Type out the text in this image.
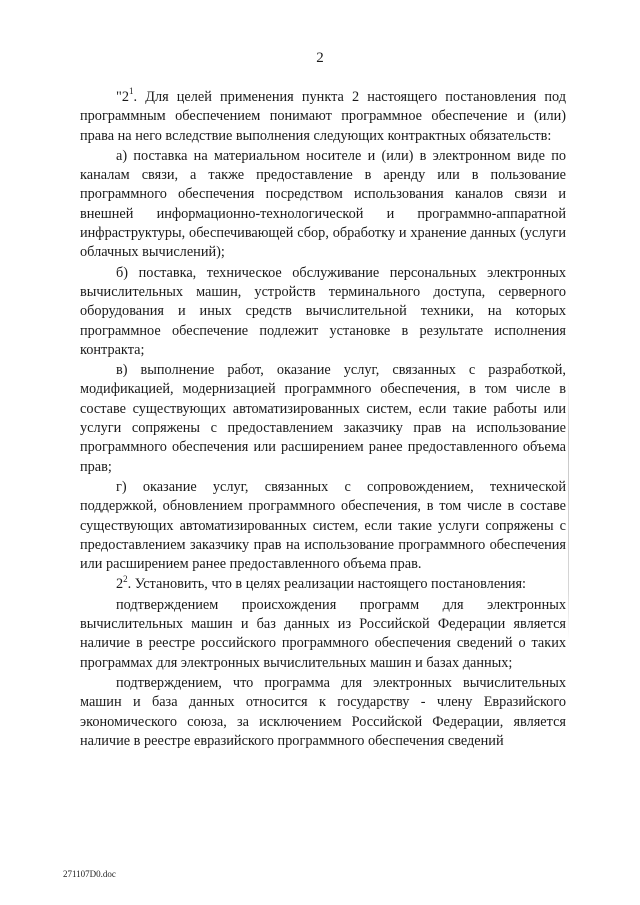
2

"$2^1$. Для целей применения пункта 2 настоящего постановления под программным обеспечением понимают программное обеспечение и (или) права на него вследствие выполнения следующих контрактных обязательств:

а) поставка на материальном носителе и (или) в электронном виде по каналам связи, а также предоставление в аренду или в пользование программного обеспечения посредством использования каналов связи и внешней информационно-технологической и программно-аппаратной инфраструктуры, обеспечивающей сбор, обработку и хранение данных (услуги облачных вычислений);

б) поставка, техническое обслуживание персональных электронных вычислительных машин, устройств терминального доступа, серверного оборудования и иных средств вычислительной техники, на которых программное обеспечение подлежит установке в результате исполнения контракта;

в) выполнение работ, оказание услуг, связанных с разработкой, модификацией, модернизацией программного обеспечения, в том числе в составе существующих автоматизированных систем, если такие работы или услуги сопряжены с предоставлением заказчику прав на использование программного обеспечения или расширением ранее предоставленного объема прав;

г) оказание услуг, связанных с сопровождением, технической поддержкой, обновлением программного обеспечения, в том числе в составе существующих автоматизированных систем, если такие услуги сопряжены с предоставлением заказчику прав на использование программного обеспечения или расширением ранее предоставленного объема прав.

$2^2$. Установить, что в целях реализации настоящего постановления:

подтверждением происхождения программ для электронных вычислительных машин и баз данных из Российской Федерации является наличие в реестре российского программного обеспечения сведений о таких программах для электронных вычислительных машин и базах данных;

подтверждением, что программа для электронных вычислительных машин и база данных относится к государству - члену Евразийского экономического союза, за исключением Российской Федерации, является наличие в реестре евразийского программного обеспечения сведений

271107D0.doc
